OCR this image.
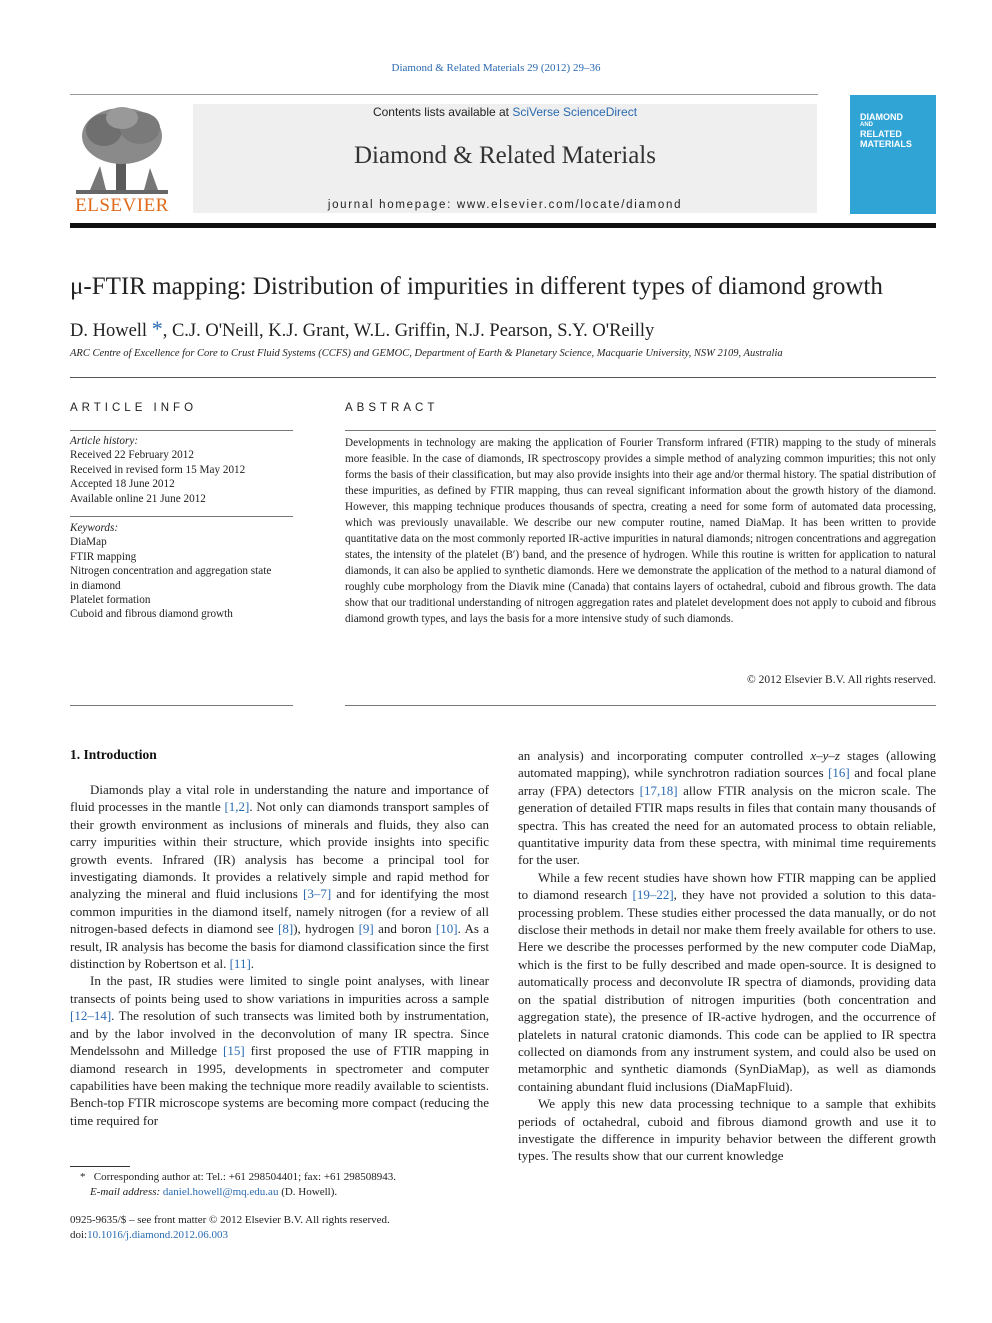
Diamond & Related Materials 29 (2012) 29–36
ELSEVIER
Contents lists available at SciVerse ScienceDirect
Diamond & Related Materials
journal homepage: www.elsevier.com/locate/diamond
DIAMOND
AND
RELATED
MATERIALS
μ-FTIR mapping: Distribution of impurities in different types of diamond growth
D. Howell *, C.J. O'Neill, K.J. Grant, W.L. Griffin, N.J. Pearson, S.Y. O'Reilly
ARC Centre of Excellence for Core to Crust Fluid Systems (CCFS) and GEMOC, Department of Earth & Planetary Science, Macquarie University, NSW 2109, Australia
ARTICLE INFO
Article history:
Received 22 February 2012
Received in revised form 15 May 2012
Accepted 18 June 2012
Available online 21 June 2012
Keywords:
DiaMap
FTIR mapping
Nitrogen concentration and aggregation state
in diamond
Platelet formation
Cuboid and fibrous diamond growth
ABSTRACT
Developments in technology are making the application of Fourier Transform infrared (FTIR) mapping to the study of minerals more feasible. In the case of diamonds, IR spectroscopy provides a simple method of analyzing common impurities; this not only forms the basis of their classification, but may also provide insights into their age and/or thermal history. The spatial distribution of these impurities, as defined by FTIR mapping, thus can reveal significant information about the growth history of the diamond. However, this mapping technique produces thousands of spectra, creating a need for some form of automated data processing, which was previously unavailable. We describe our new computer routine, named DiaMap. It has been written to provide quantitative data on the most commonly reported IR-active impurities in natural diamonds; nitrogen concentrations and aggregation states, the intensity of the platelet (B′) band, and the presence of hydrogen. While this routine is written for application to natural diamonds, it can also be applied to synthetic diamonds. Here we demonstrate the application of the method to a natural diamond of roughly cube morphology from the Diavik mine (Canada) that contains layers of octahedral, cuboid and fibrous growth. The data show that our traditional understanding of nitrogen aggregation rates and platelet development does not apply to cuboid and fibrous diamond growth types, and lays the basis for a more intensive study of such diamonds.
© 2012 Elsevier B.V. All rights reserved.
1. Introduction

Diamonds play a vital role in understanding the nature and importance of fluid processes in the mantle [1,2]. Not only can diamonds transport samples of their growth environment as inclusions of minerals and fluids, they also can carry impurities within their structure, which provide insights into specific growth events. Infrared (IR) analysis has become a principal tool for investigating diamonds. It provides a relatively simple and rapid method for analyzing the mineral and fluid inclusions [3–7] and for identifying the most common impurities in the diamond itself, namely nitrogen (for a review of all nitrogen-based defects in diamond see [8]), hydrogen [9] and boron [10]. As a result, IR analysis has become the basis for diamond classification since the first distinction by Robertson et al. [11].

In the past, IR studies were limited to single point analyses, with linear transects of points being used to show variations in impurities across a sample [12–14]. The resolution of such transects was limited both by instrumentation, and by the labor involved in the deconvolution of many IR spectra. Since Mendelssohn and Milledge [15] first proposed the use of FTIR mapping in diamond research in 1995, developments in spectrometer and computer capabilities have been making the technique more readily available to scientists. Bench-top FTIR microscope systems are becoming more compact (reducing the time required for

an analysis) and incorporating computer controlled x–y–z stages (allowing automated mapping), while synchrotron radiation sources [16] and focal plane array (FPA) detectors [17,18] allow FTIR analysis on the micron scale. The generation of detailed FTIR maps results in files that contain many thousands of spectra. This has created the need for an automated process to obtain reliable, quantitative impurity data from these spectra, with minimal time requirements for the user.

While a few recent studies have shown how FTIR mapping can be applied to diamond research [19–22], they have not provided a solution to this data-processing problem. These studies either processed the data manually, or do not disclose their methods in detail nor make them freely available for others to use. Here we describe the processes performed by the new computer code DiaMap, which is the first to be fully described and made open-source. It is designed to automatically process and deconvolute IR spectra of diamonds, providing data on the spatial distribution of nitrogen impurities (both concentration and aggregation state), the presence of IR-active hydrogen, and the occurrence of platelets in natural cratonic diamonds. This code can be applied to IR spectra collected on diamonds from any instrument system, and could also be used on metamorphic and synthetic diamonds (SynDiaMap), as well as diamonds containing abundant fluid inclusions (DiaMapFluid).

We apply this new data processing technique to a sample that exhibits periods of octahedral, cuboid and fibrous diamond growth and use it to investigate the difference in impurity behavior between the different growth types. The results show that our current knowledge

* Corresponding author at: Tel.: +61 298504401; fax: +61 298508943.
E-mail address: daniel.howell@mq.edu.au (D. Howell).
0925-9635/$ – see front matter © 2012 Elsevier B.V. All rights reserved.
doi:10.1016/j.diamond.2012.06.003
